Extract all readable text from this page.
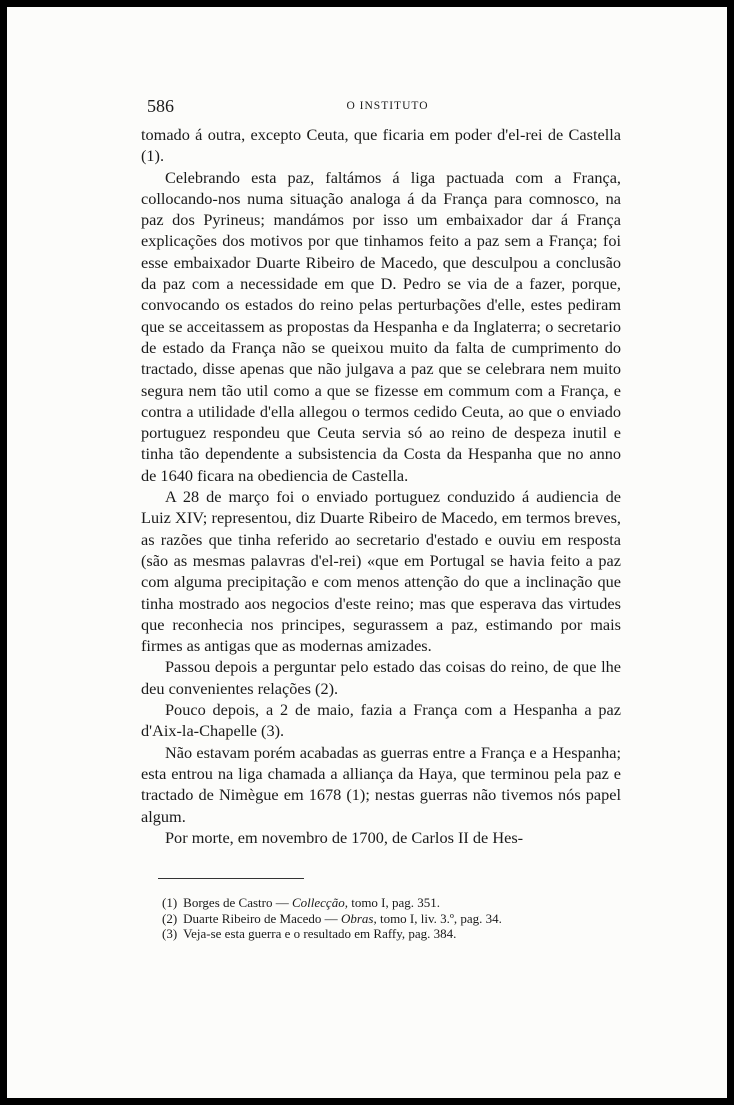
586	O INSTITUTO

tomado á outra, excepto Ceuta, que ficaria em poder d'el-rei de Castella (1).

Celebrando esta paz, faltámos á liga pactuada com a França, collocando-nos numa situação analoga á da França para comnosco, na paz dos Pyrineus; mandámos por isso um embaixador dar á França explicações dos motivos por que tinhamos feito a paz sem a França; foi esse embaixador Duarte Ribeiro de Macedo, que desculpou a conclusão da paz com a necessidade em que D. Pedro se via de a fazer, porque, convocando os estados do reino pelas perturbações d'elle, estes pediram que se acceitassem as propostas da Hespanha e da Inglaterra; o secretario de estado da França não se queixou muito da falta de cumprimento do tractado, disse apenas que não julgava a paz que se celebrara nem muito segura nem tão util como a que se fizesse em commum com a França, e contra a utilidade d'ella allegou o termos cedido Ceuta, ao que o enviado portuguez respondeu que Ceuta servia só ao reino de despeza inutil e tinha tão dependente a subsistencia da Costa da Hespanha que no anno de 1640 ficara na obediencia de Castella.

A 28 de março foi o enviado portuguez conduzido á audiencia de Luiz XIV; representou, diz Duarte Ribeiro de Macedo, em termos breves, as razões que tinha referido ao secretario d'estado e ouviu em resposta (são as mesmas palavras d'el-rei) «que em Portugal se havia feito a paz com alguma precipitação e com menos attenção do que a inclinação que tinha mostrado aos negocios d'este reino; mas que esperava das virtudes que reconhecia nos principes, segurassem a paz, estimando por mais firmes as antigas que as modernas amizades.

Passou depois a perguntar pelo estado das coisas do reino, de que lhe deu convenientes relações (2).

Pouco depois, a 2 de maio, fazia a França com a Hespanha a paz d'Aix-la-Chapelle (3).

Não estavam porém acabadas as guerras entre a França e a Hespanha; esta entrou na liga chamada a alliança da Haya, que terminou pela paz e tractado de Nimègue em 1678 (1); nestas guerras não tivemos nós papel algum.

Por morte, em novembro de 1700, de Carlos II de Hes-

(1) Borges de Castro — Collecção, tomo I, pag. 351.
(2) Duarte Ribeiro de Macedo — Obras, tomo I, liv. 3.º, pag. 34.
(3) Veja-se esta guerra e o resultado em Raffy, pag. 384.
